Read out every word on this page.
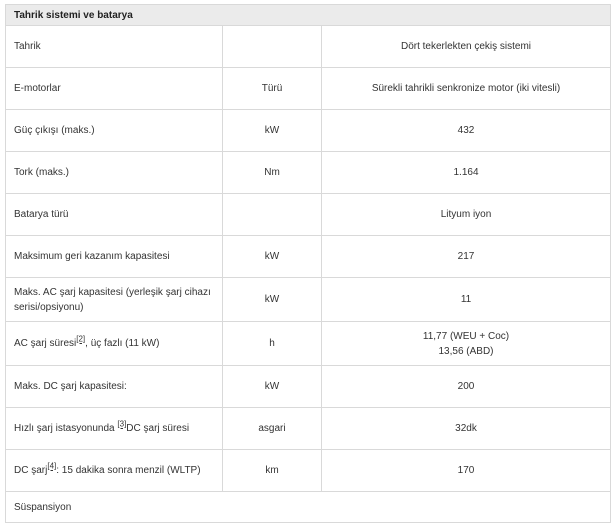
Tahrik sistemi ve batarya		
Tahrik		Dört tekerlekten çekiş sistemi
E-motorlar	Türü	Sürekli tahrikli senkronize motor (iki vitesli)
Güç çıkışı (maks.)	kW	432
Tork (maks.)	Nm	1.164
Batarya türü		Lityum iyon
Maksimum geri kazanım kapasitesi	kW	217
Maks. AC şarj kapasitesi (yerleşik şarj cihazı serisi/opsiyonu)	kW	11
AC şarj süresi[2], üç fazlı (11 kW)	h	11,77 (WEU + Coc)
13,56 (ABD)

Maks. DC şarj kapasitesi:	kW	200
Hızlı şarj istasyonunda [3]DC şarj süresi	asgari	32dk
DC şarj[4]: 15 dakika sonra menzil (WLTP)	km	170
Süspansiyon		
